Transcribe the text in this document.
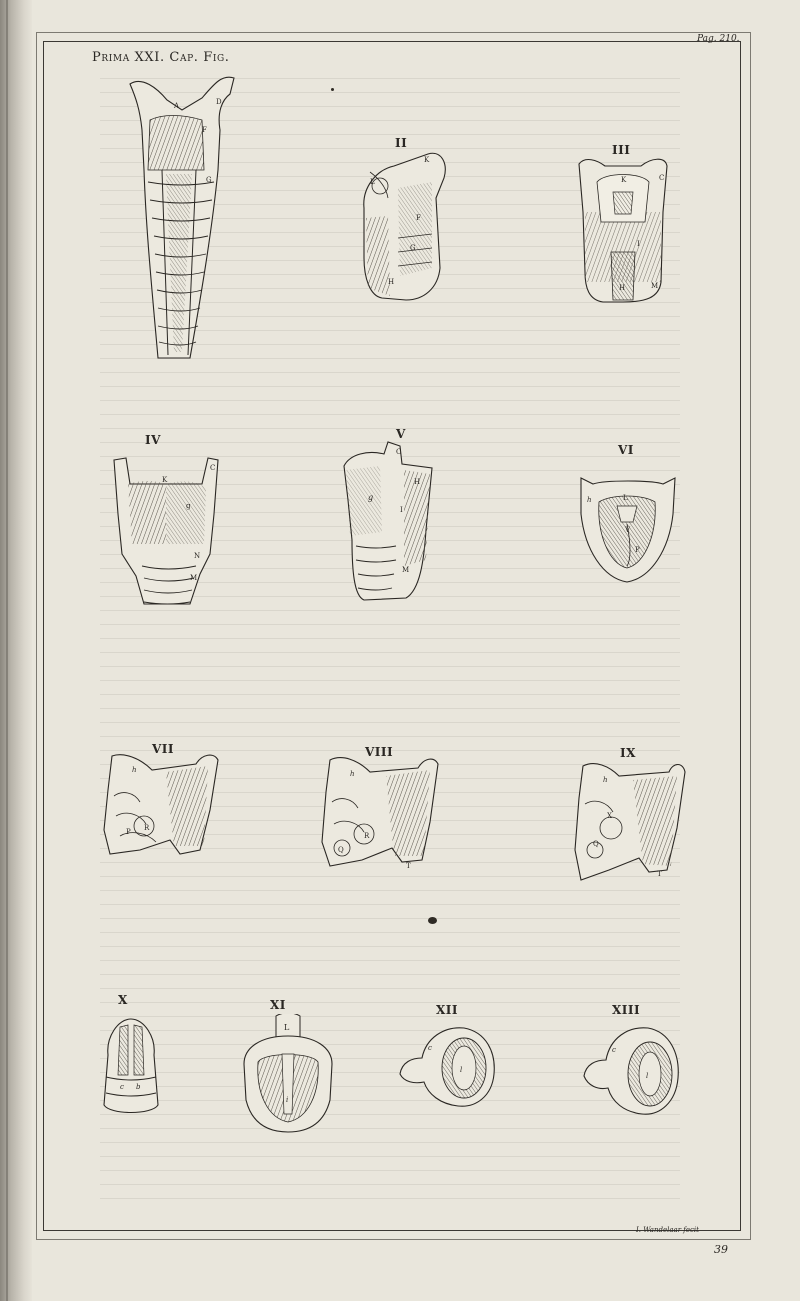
Prima XXI. Cap. Fig.
Pag. 210.
A	D
F
G
II
K
F
G
H
L
III
K
I
H	M
C
IV
C
K
g
N
M
V
C
g
H
I
M
VI
h	L
V
P
VII
h
P R
VIII
h
R
Q
T
IX
h
X
Q
T
X
c b
XI
L
i
XII
c
l
XIII
c
l
I. Wandelaar fecit
39
